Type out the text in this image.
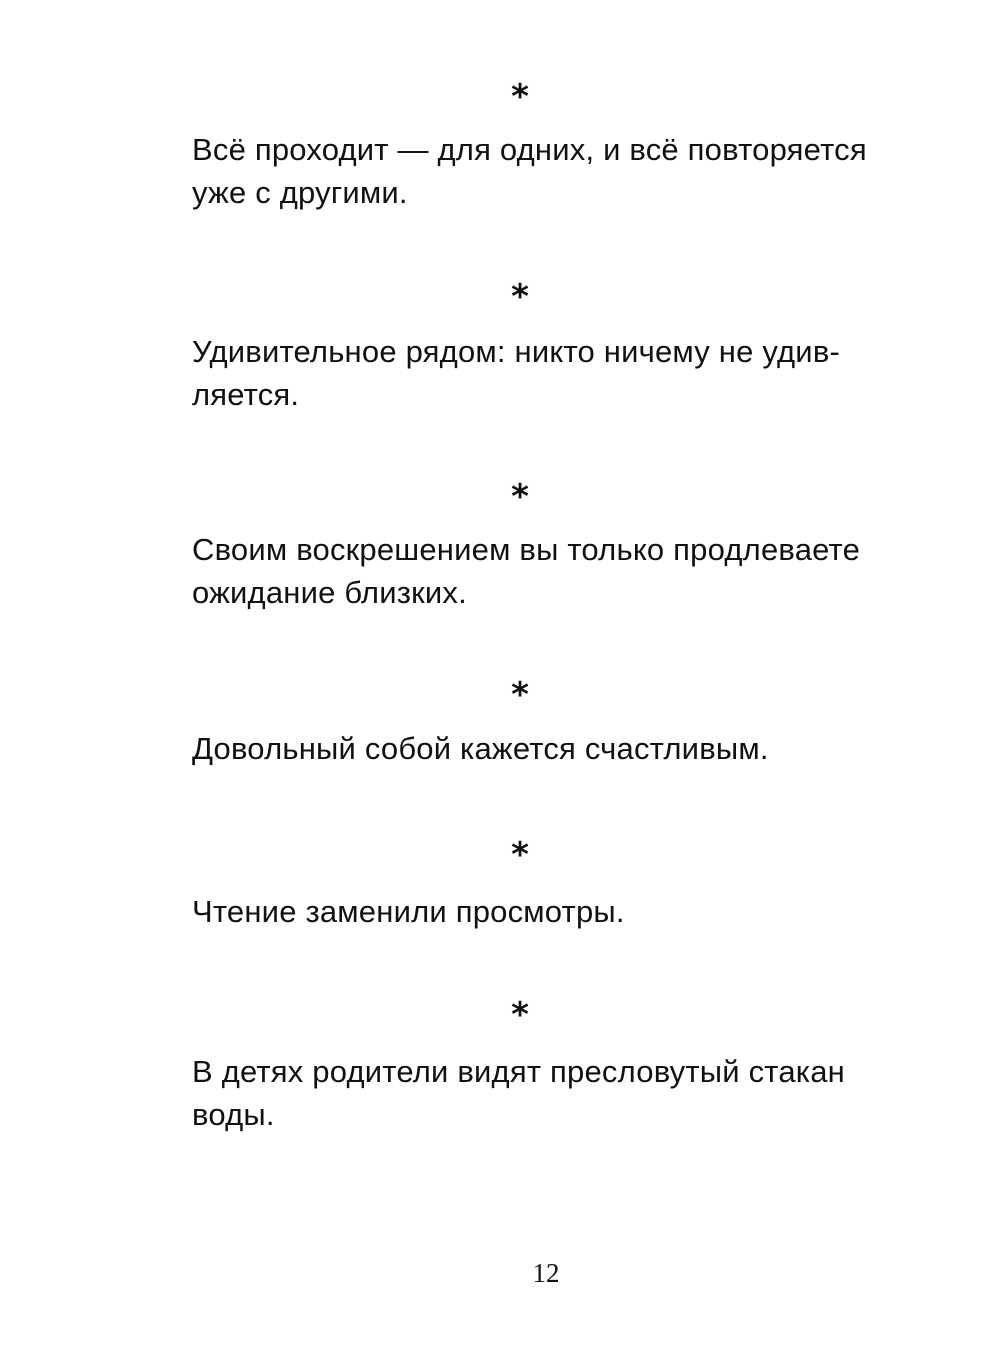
*
Всё проходит — для одних, и всё повторяется
уже с другими.
*
Удивительное рядом: никто ничему не удив-
ляется.
*
Своим воскрешением вы только продлеваете
ожидание близких.
*
Довольный собой кажется счастливым.
*
Чтение заменили просмотры.
*
В детях родители видят пресловутый стакан
воды.
12
